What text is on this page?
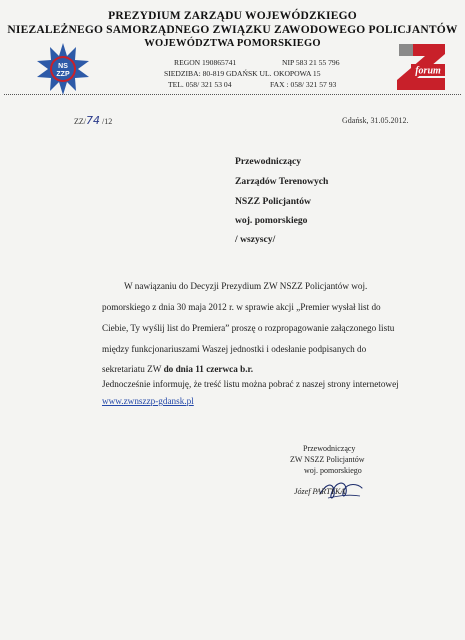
PREZYDIUM ZARZĄDU WOJEWÓDZKIEGO
NIEZALEŻNEGO SAMORZĄDNEGO ZWIĄZKU ZAWODOWEGO POLICJANTÓW
WOJEWÓDZTWA POMORSKIEGO
NS
ZZP	forum
REGON 190865741	NIP 583 21 55 796
SIEDZIBA: 80-819 GDAŃSK UL. OKOPOWA 15
TEL. 058/ 321 53 04	FAX : 058/ 321 57 93
ZZ/74 /12	Gdańsk, 31.05.2012.
Przewodniczący
Zarządów Terenowych
NSZZ Policjantów
woj. pomorskiego
/ wszyscy/
W nawiązaniu do Decyzji Prezydium ZW NSZZ Policjantów woj.
pomorskiego z dnia 30 maja 2012 r. w sprawie akcji „Premier wysłał list do
Ciebie, Ty wyślij list do Premiera” proszę o rozpropagowanie załączonego listu
między funkcjonariuszami Waszej jednostki i odesłanie podpisanych do
sekretariatu ZW do dnia 11 czerwca b.r.
Jednocześnie informuję, że treść listu można pobrać z naszej strony internetowej
www.zwnszzp-gdansk.pl
Przewodniczący
ZW NSZZ Policjantów
woj. pomorskiego
Józef PARTYKA
